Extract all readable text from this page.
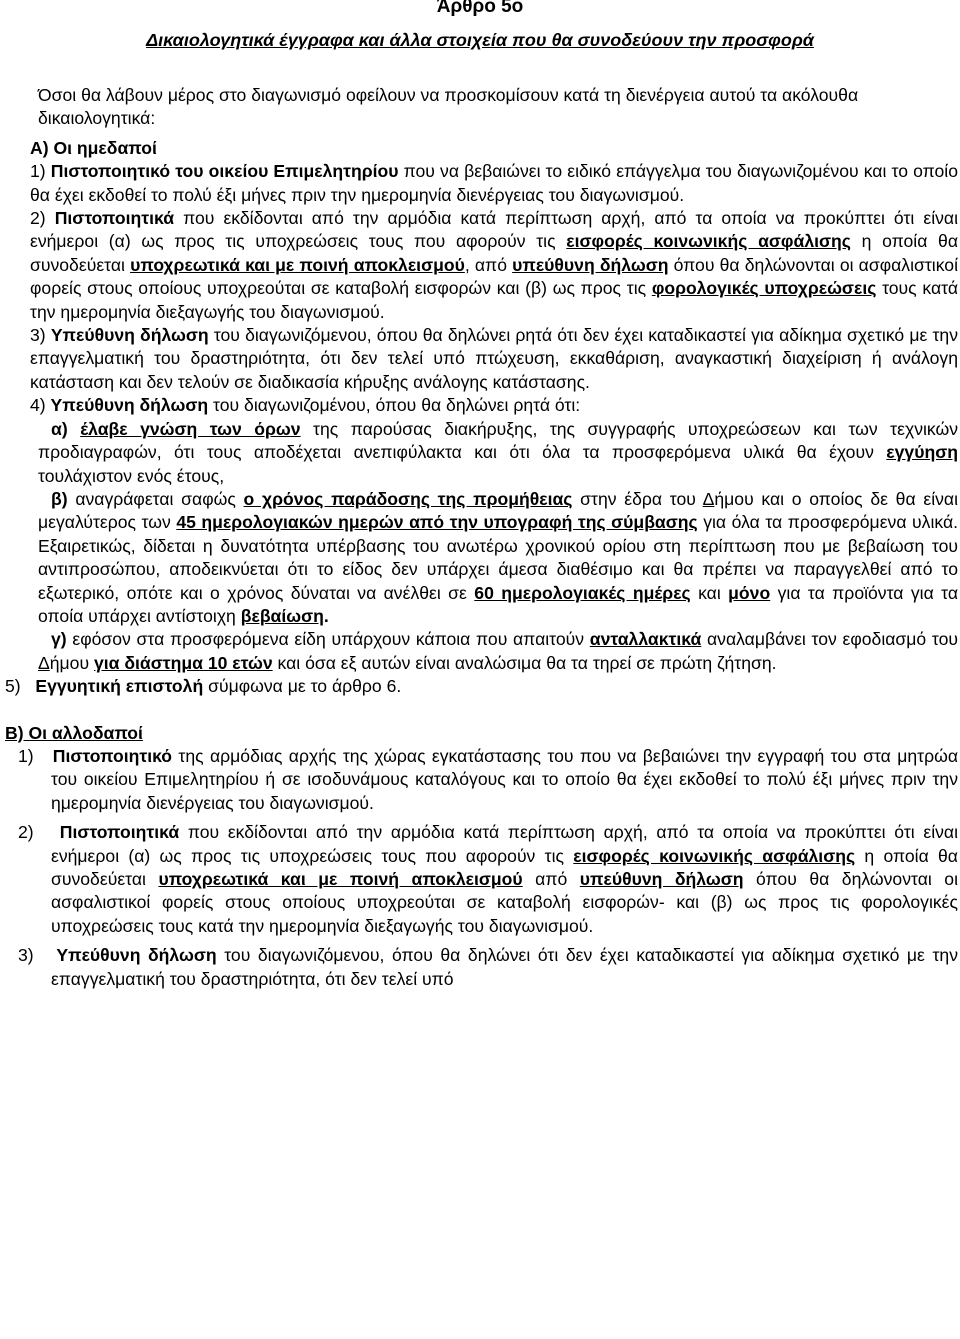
Άρθρο 5ο

Δικαιολογητικά έγγραφα και άλλα στοιχεία που θα συνοδεύουν την προσφορά

Όσοι θα λάβουν μέρος στο διαγωνισμό οφείλουν να προσκομίσουν κατά τη διενέργεια αυτού τα ακόλουθα δικαιολογητικά:

Α) Οι ημεδαποί

1) Πιστοποιητικό του οικείου Επιμελητηρίου που να βεβαιώνει το ειδικό επάγγελμα του διαγωνιζομένου και το οποίο θα έχει εκδοθεί το πολύ έξι μήνες πριν την ημερομηνία διενέργειας του διαγωνισμού.

2) Πιστοποιητικά που εκδίδονται από την αρμόδια κατά περίπτωση αρχή, από τα οποία να προκύπτει ότι είναι ενήμεροι (α) ως προς τις υποχρεώσεις τους που αφορούν τις εισφορές κοινωνικής ασφάλισης η οποία θα συνοδεύεται υποχρεωτικά και με ποινή αποκλεισμού, από υπεύθυνη δήλωση όπου θα δηλώνονται οι ασφαλιστικοί φορείς στους οποίους υποχρεούται σε καταβολή εισφορών και (β) ως προς τις φορολογικές υποχρεώσεις τους κατά την ημερομηνία διεξαγωγής του διαγωνισμού.

3) Υπεύθυνη δήλωση του διαγωνιζόμενου, όπου θα δηλώνει ρητά ότι δεν έχει καταδικαστεί για αδίκημα σχετικό με την επαγγελματική του δραστηριότητα, ότι δεν τελεί υπό πτώχευση, εκκαθάριση, αναγκαστική διαχείριση ή ανάλογη κατάσταση και δεν τελούν σε διαδικασία κήρυξης ανάλογης κατάστασης.

4) Υπεύθυνη δήλωση του διαγωνιζομένου, όπου θα δηλώνει ρητά ότι:

α) έλαβε γνώση των όρων της παρούσας διακήρυξης, της συγγραφής υποχρεώσεων και των τεχνικών προδιαγραφών, ότι τους αποδέχεται ανεπιφύλακτα και ότι όλα τα προσφερόμενα υλικά θα έχουν εγγύηση τουλάχιστον ενός έτους,

β) αναγράφεται σαφώς ο χρόνος παράδοσης της προμήθειας στην έδρα του Δήμου και ο οποίος δε θα είναι μεγαλύτερος των 45 ημερολογιακών ημερών από την υπογραφή της σύμβασης για όλα τα προσφερόμενα υλικά. Εξαιρετικώς, δίδεται η δυνατότητα υπέρβασης του ανωτέρω χρονικού ορίου στη περίπτωση που με βεβαίωση του αντιπροσώπου, αποδεικνύεται ότι το είδος δεν υπάρχει άμεσα διαθέσιμο και θα πρέπει να παραγγελθεί από το εξωτερικό, οπότε και ο χρόνος δύναται να ανέλθει σε 60 ημερολογιακές ημέρες και μόνο για τα προϊόντα για τα οποία υπάρχει αντίστοιχη βεβαίωση.

γ) εφόσον στα προσφερόμενα είδη υπάρχουν κάποια που απαιτούν ανταλλακτικά αναλαμβάνει τον εφοδιασμό του Δήμου για διάστημα 10 ετών και όσα εξ αυτών είναι αναλώσιμα θα τα τηρεί σε πρώτη ζήτηση.

5) Εγγυητική επιστολή σύμφωνα με το άρθρο 6.

Β) Οι αλλοδαποί

1) Πιστοποιητικό της αρμόδιας αρχής της χώρας εγκατάστασης του που να βεβαιώνει την εγγραφή του στα μητρώα του οικείου Επιμελητηρίου ή σε ισοδυνάμους καταλόγους και το οποίο θα έχει εκδοθεί το πολύ έξι μήνες πριν την ημερομηνία διενέργειας του διαγωνισμού.

2) Πιστοποιητικά που εκδίδονται από την αρμόδια κατά περίπτωση αρχή, από τα οποία να προκύπτει ότι είναι ενήμεροι (α) ως προς τις υποχρεώσεις τους που αφορούν τις εισφορές κοινωνικής ασφάλισης η οποία θα συνοδεύεται υποχρεωτικά και με ποινή αποκλεισμού από υπεύθυνη δήλωση όπου θα δηλώνονται οι ασφαλιστικοί φορείς στους οποίους υποχρεούται σε καταβολή εισφορών- και (β) ως προς τις φορολογικές υποχρεώσεις τους κατά την ημερομηνία διεξαγωγής του διαγωνισμού.

3) Υπεύθυνη δήλωση του διαγωνιζόμενου, όπου θα δηλώνει ότι δεν έχει καταδικαστεί για αδίκημα σχετικό με την επαγγελματική του δραστηριότητα, ότι δεν τελεί υπό
